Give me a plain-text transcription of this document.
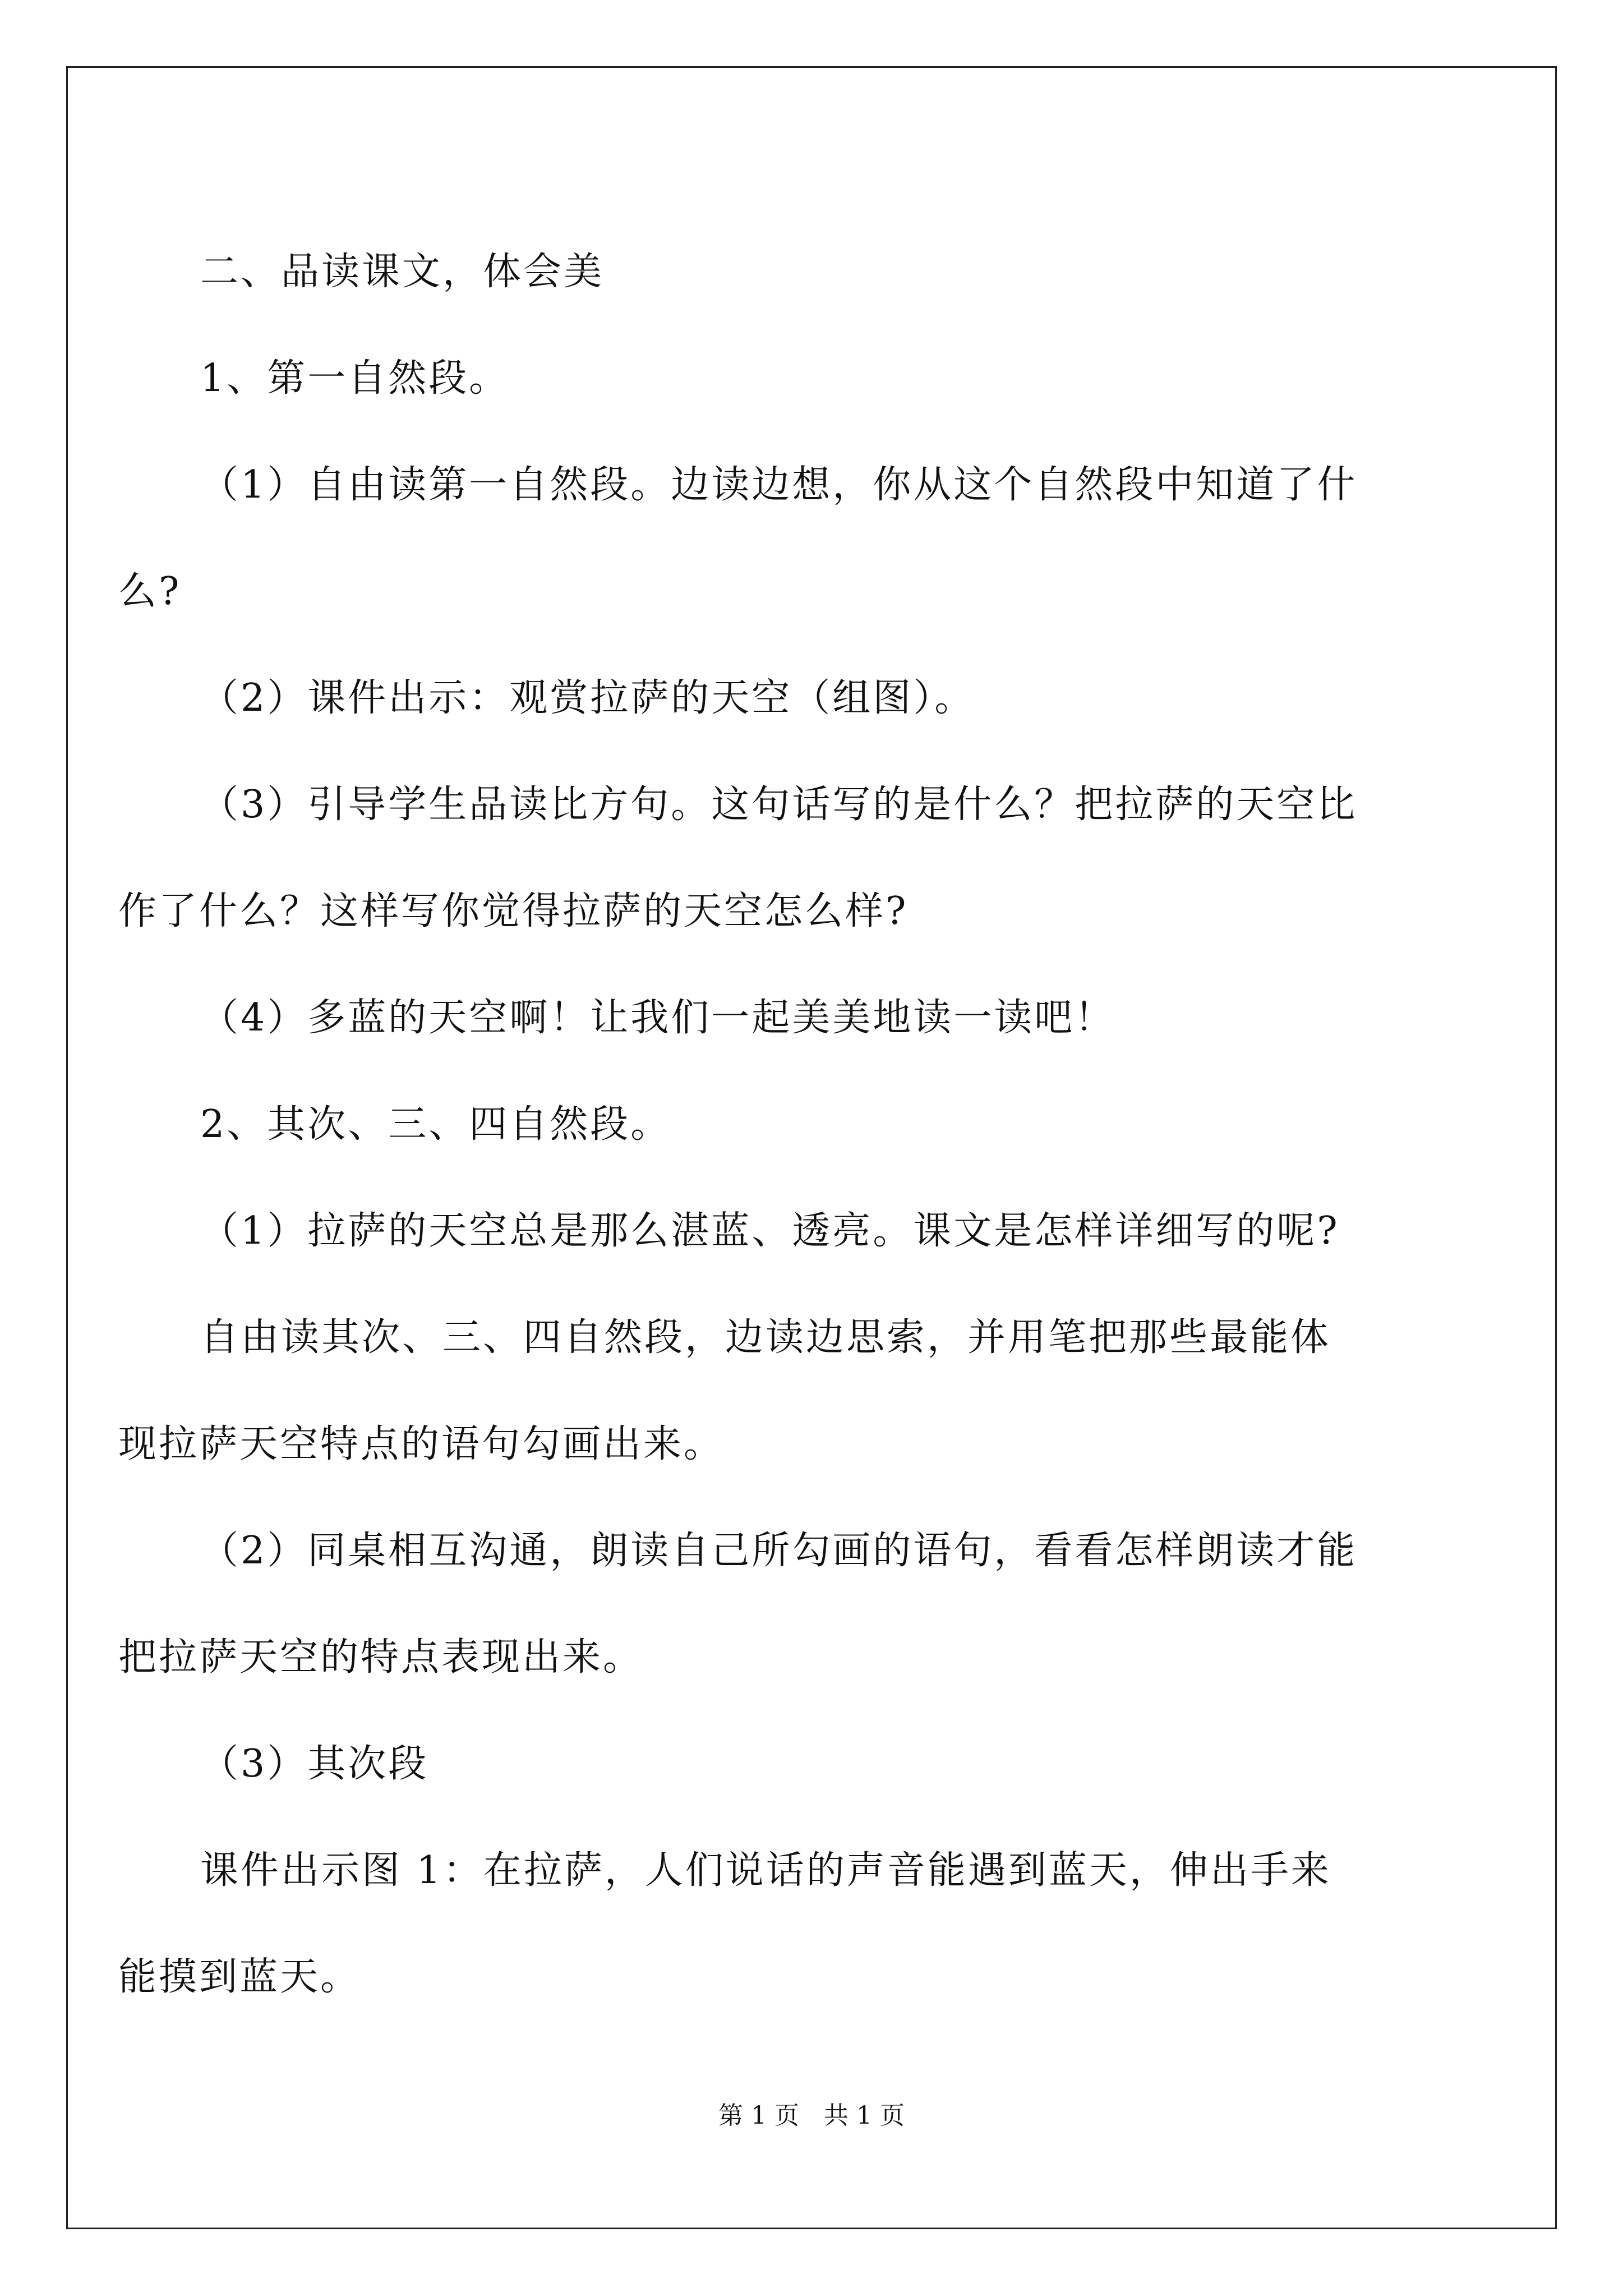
二、品读课文，体会美

1、第一自然段。

（1）自由读第一自然段。边读边想，你从这个自然段中知道了什

么?

（2）课件出示：观赏拉萨的天空（组图）。

（3）引导学生品读比方句。这句话写的是什么？把拉萨的天空比

作了什么？这样写你觉得拉萨的天空怎么样?

（4）多蓝的天空啊！让我们一起美美地读一读吧！

2、其次、三、四自然段。

（1）拉萨的天空总是那么湛蓝、透亮。课文是怎样详细写的呢?

自由读其次、三、四自然段，边读边思索，并用笔把那些最能体

现拉萨天空特点的语句勾画出来。

（2）同桌相互沟通，朗读自己所勾画的语句，看看怎样朗读才能

把拉萨天空的特点表现出来。

（3）其次段

课件出示图 1：在拉萨，人们说话的声音能遇到蓝天，伸出手来

能摸到蓝天。

第 1 页　共 1 页
